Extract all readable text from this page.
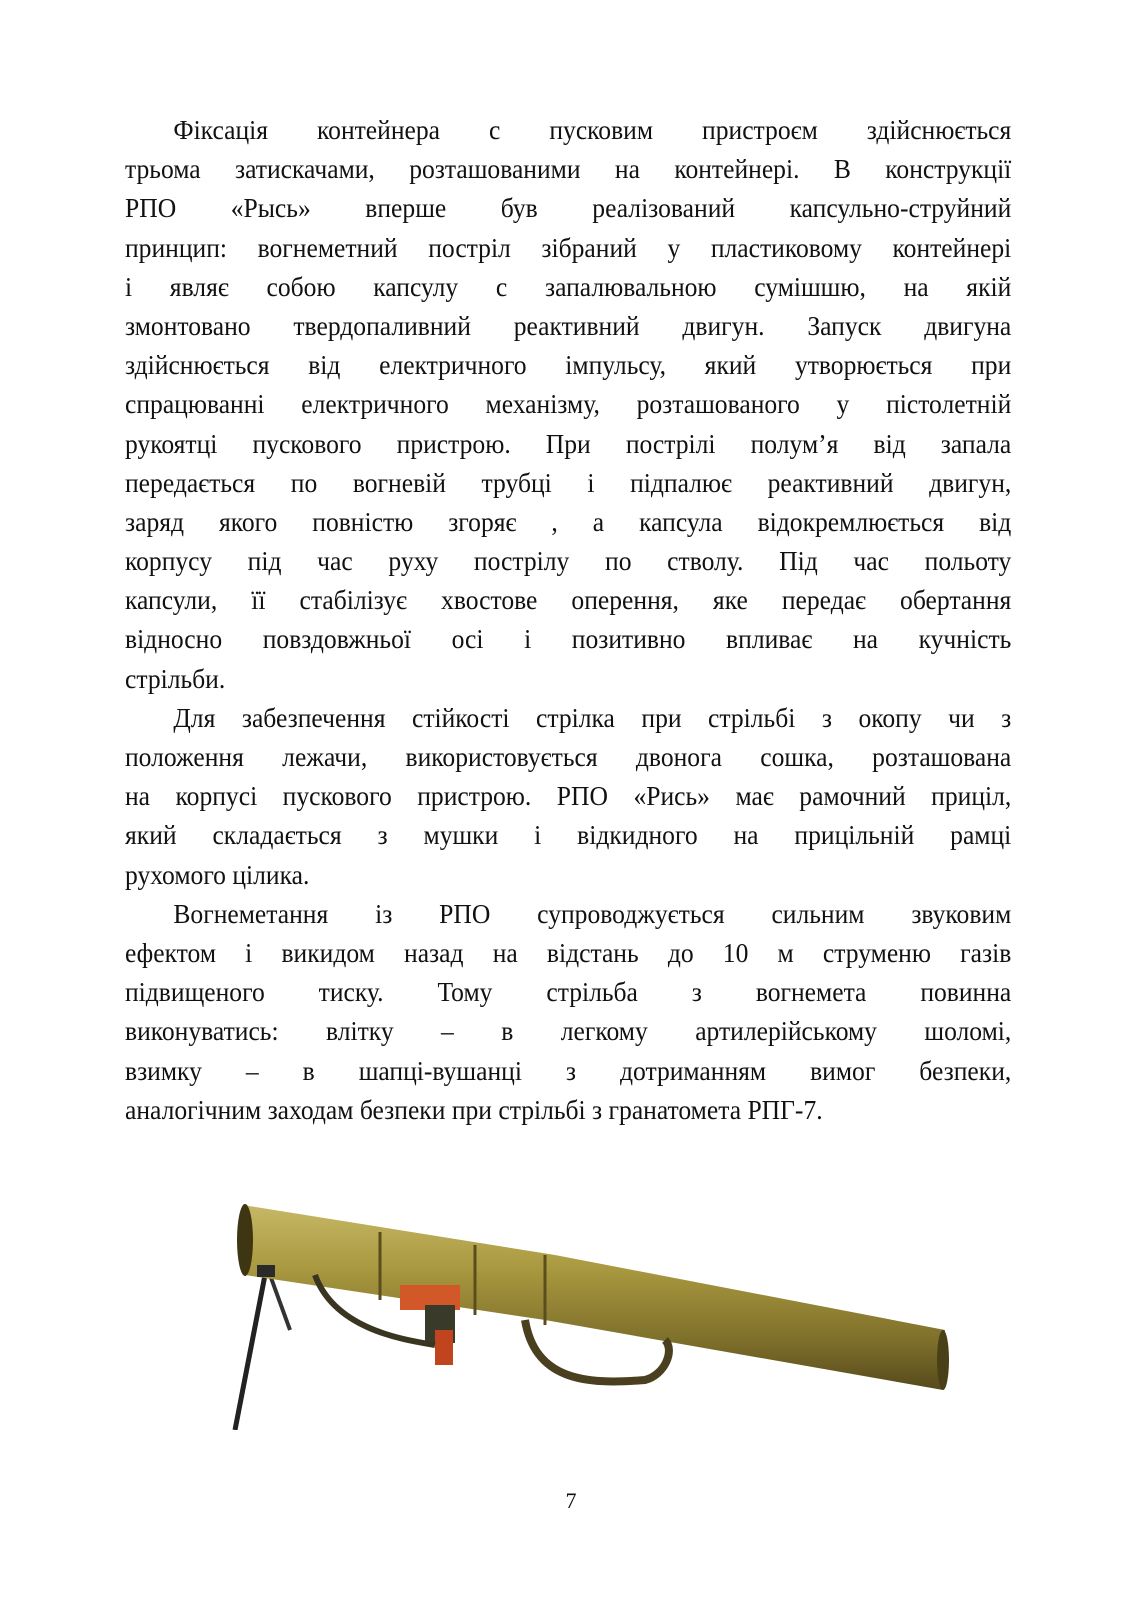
Фіксація контейнера с пусковим пристроєм здійснюється
трьома затискачами, розташованими на контейнері. В конструкції
РПО «Рысь» вперше був реалізований капсульно-струйний
принцип: вогнеметний постріл зібраний у пластиковому контейнері
і являє собою капсулу с запалювальною сумішшю, на якій
змонтовано твердопаливний реактивний двигун. Запуск двигуна
здійснюється від електричного імпульсу, який утворюється при
спрацюванні електричного механізму, розташованого у пістолетній
рукоятці пускового пристрою. При пострілі полум’я від запала
передається по вогневій трубці і підпалює реактивний двигун,
заряд якого повністю згоряє , а капсула відокремлюється від
корпусу під час руху пострілу по стволу. Під час польоту
капсули, її стабілізує хвостове оперення, яке передає обертання
відносно повздовжньої осі і позитивно впливає на кучність
стрільби.
Для забезпечення стійкості стрілка при стрільбі з окопу чи з
положення лежачи, використовується двонога сошка, розташована
на корпусі пускового пристрою. РПО «Рись» має рамочний приціл,
який складається з мушки і відкидного на прицільній рамці
рухомого цілика.
Вогнеметання із РПО супроводжується сильним звуковим
ефектом і викидом назад на відстань до 10 м струменю газів
підвищеного тиску. Тому стрільба з вогнемета повинна
виконуватись: влітку – в легкому артилерійському шоломі,
взимку – в шапці-вушанці з дотриманням вимог безпеки,
аналогічним заходам безпеки при стрільбі з гранатомета РПГ-7.
7
